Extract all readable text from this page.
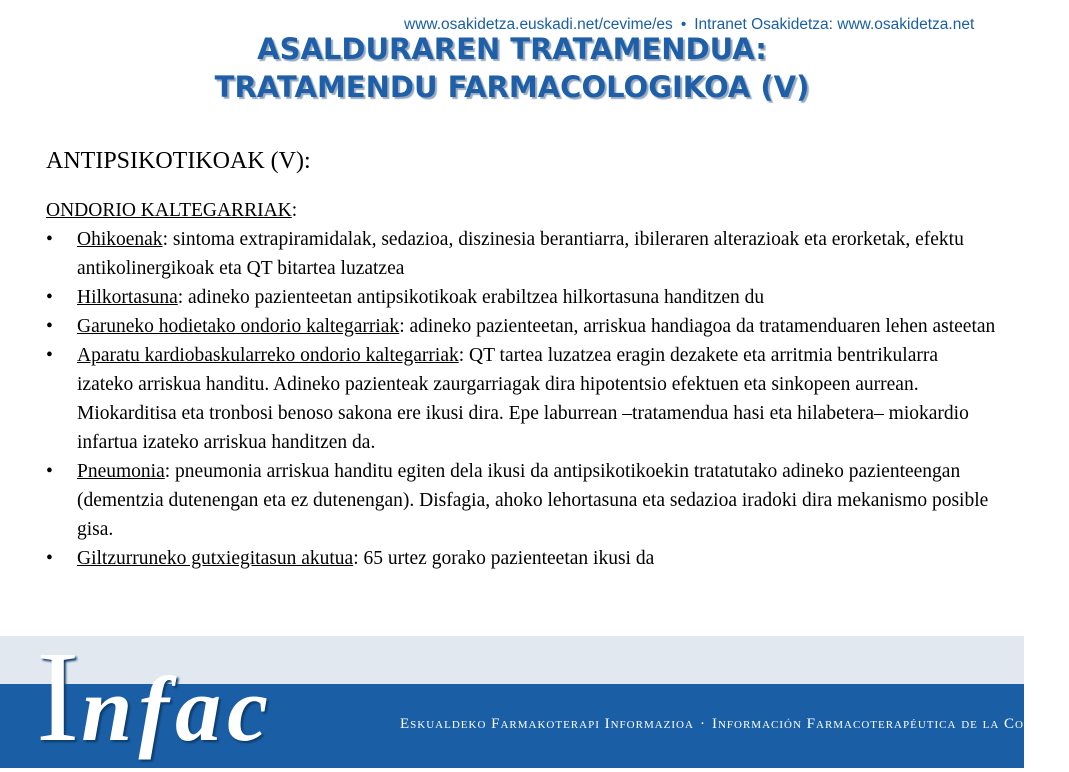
ASALDURAREN TRATAMENDUA:
TRATAMENDU FARMACOLOGIKOA (V)
ANTIPSIKOTIKOAK (V):
ONDORIO KALTEGARRIAK:
• Ohikoenak: sintoma extrapiramidalak, sedazioa, diszinesia berantiarra, ibileraren alterazioak eta erorketak, efektu antikolinergikoak eta QT bitartea luzatzea
• Hilkortasuna: adineko pazienteetan antipsikotikoak erabiltzea hilkortasuna handitzen du
• Garuneko hodietako ondorio kaltegarriak: adineko pazienteetan, arriskua handiagoa da tratamenduaren lehen asteetan
• Aparatu kardiobaskularreko ondorio kaltegarriak: QT tartea luzatzea eragin dezakete eta arritmia bentrikularra izateko arriskua handitu. Adineko pazienteak zaurgarriagak dira hipotentsio efektuen eta sinkopeen aurrean. Miokarditisa eta tronbosi benoso sakona ere ikusi dira. Epe laburrean –tratamendua hasi eta hilabetera– miokardio infartua izateko arriskua handitzen da.
• Pneumonia: pneumonia arriskua handitu egiten dela ikusi da antipsikotikoekin tratatutako adineko pazienteengan (dementzia dutenengan eta ez dutenengan). Disfagia, ahoko lehortasuna eta sedazioa iradoki dira mekanismo posible gisa.
• Giltzurruneko gutxiegitasun akutua: 65 urtez gorako pazienteetan ikusi da
www.osakidetza.euskadi.net/cevime/es • Intranet Osakidetza: www.osakidetza.net
Infac	Eskualdeko Farmakoterapi Informazioa · Información Farmacoterapéutica de la Comarca
